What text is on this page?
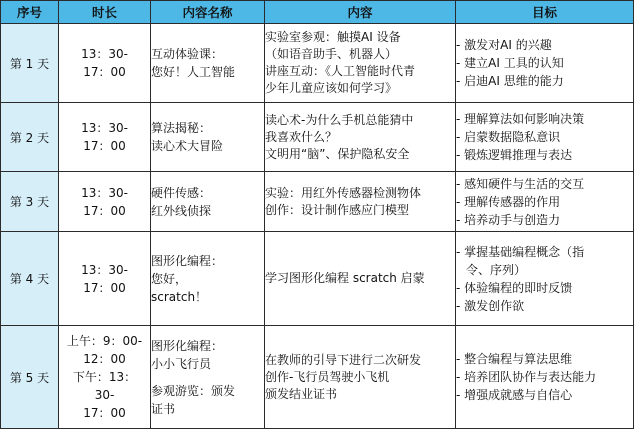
序号	时长	内容名称	内容	目标
第 1 天	13：30-
17：00	互动体验课：
您好！人工智能	实验室参观：触摸AI 设备
（如语音助手、机器人）
讲座互动：《人工智能时代青
少年儿童应该如何学习》	- 激发对AI 的兴趣
- 建立AI 工具的认知
- 启迪AI 思维的能力

第 2 天	13：30-
17：00	算法揭秘：
读心术大冒险	读心术-为什么手机总能猜中
我喜欢什么？
文明用“脑”、保护隐私安全	- 理解算法如何影响决策
- 启蒙数据隐私意识
- 锻炼逻辑推理与表达

第 3 天	13：30-
17：00	硬件传感：
红外线侦探	实验：用红外传感器检测物体
创作：设计制作感应门模型	- 感知硬件与生活的交互
- 理解传感器的作用
- 培养动手与创造力

第 4 天	13：30-
17：00	图形化编程：
您好，
scratch！	学习图形化编程 scratch 启蒙	- 掌握基础编程概念（指
令、序列）
- 体验编程的即时反馈
- 激发创作欲

第 5 天	上午：9：00-
12：00
下午：13：
30-
17：00	图形化编程：
小小飞行员
参观游览：颁发
证书	在教师的引导下进行二次研发
创作-飞行员驾驶小飞机
颁发结业证书	- 整合编程与算法思维
- 培养团队协作与表达能力
- 增强成就感与自信心
